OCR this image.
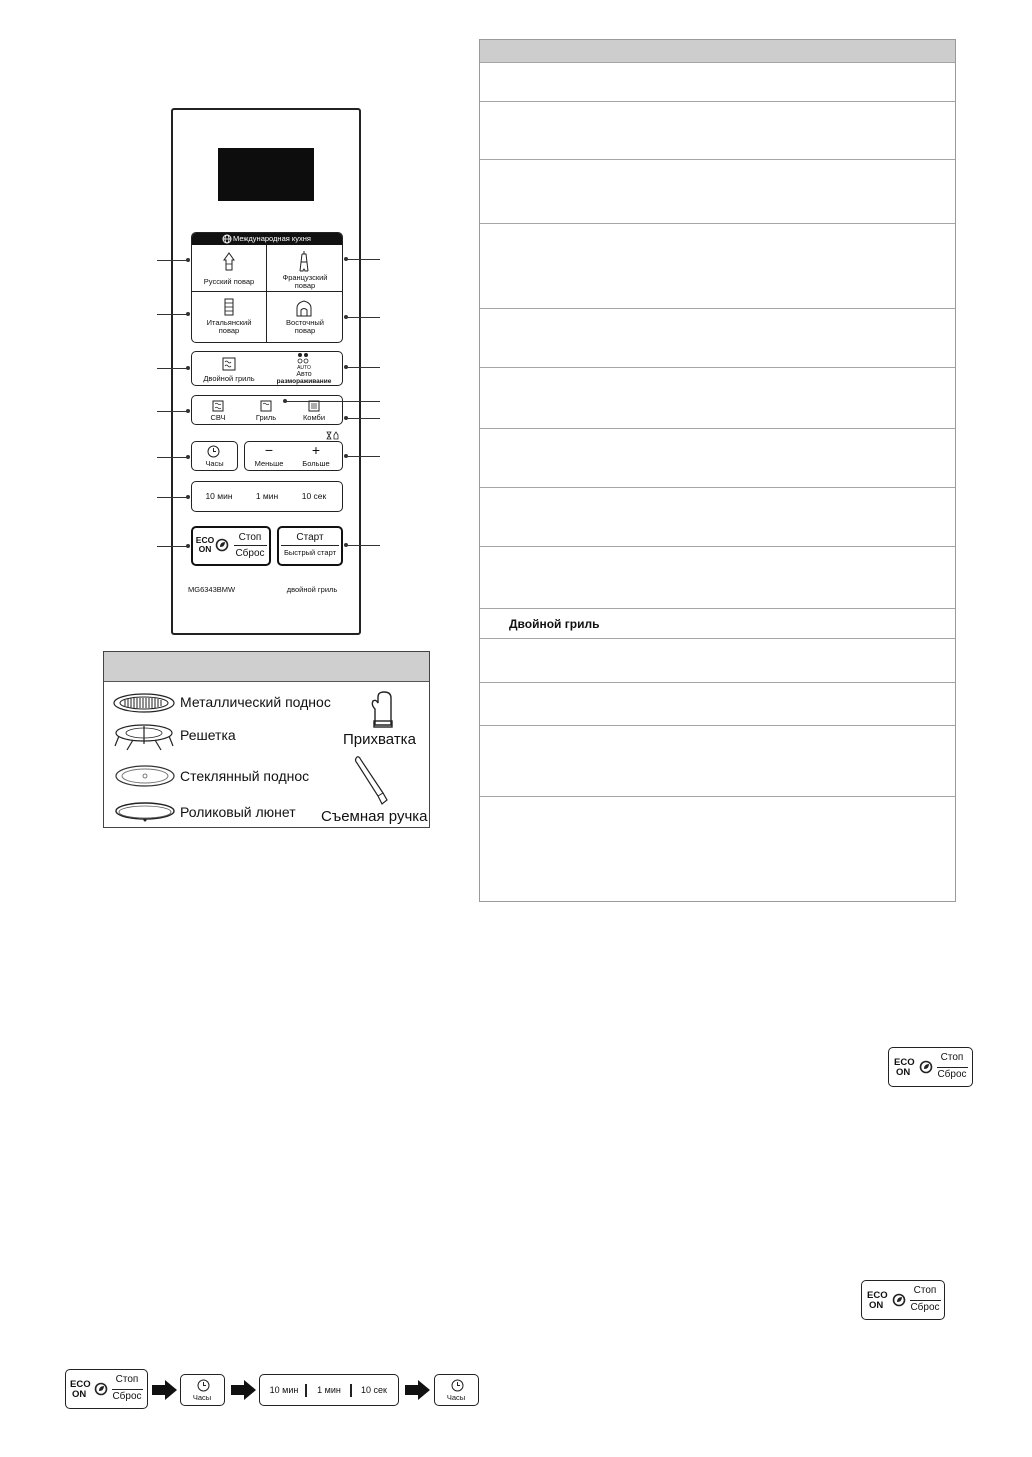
Международная кухня
Русский повар	Французский повар
Итальянский повар
Восточный повар
Двойной гриль
AUTO
Авто
размораживание
СВЧ	Гриль	Комби
Часы
−
Меньше
+
Больше
10 мин	1 мин	10 сек
ECO
ON
Стоп
Сброс
Старт
Быстрый старт
MG6343BMW	двойной гриль
Металлический поднос
Решетка
Стеклянный поднос
Роликовый люнет
Прихватка
Съемная ручка
Двойной гриль
ECO
ON
Стоп
Сброс
ECO
ON
Стоп
Сброс
ECO
ON
Стоп
Сброс	Часы
10 мин	1 мин	10 сек
Часы
